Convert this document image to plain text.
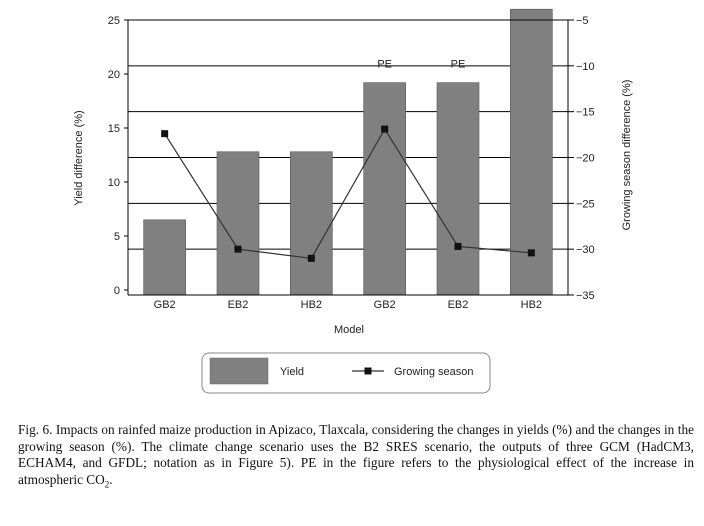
0
5
10
15
20
25	−5
−10
−15
−20
−25
−30
−35
GB2	EB2	HB2	GB2	EB2	HB2
PE	PE
Yield difference (%)	Growing season difference (%)
Model
Yield	Growing season
Fig. 6. Impacts on rainfed maize production in Apizaco, Tlaxcala, considering the changes in yields (%) and the changes in the growing season (%). The climate change scenario uses the B2 SRES scenario, the outputs of three GCM (HadCM3, ECHAM4, and GFDL; notation as in Figure 5). PE in the figure refers to the physiological effect of the increase in atmospheric $CO_2$.
